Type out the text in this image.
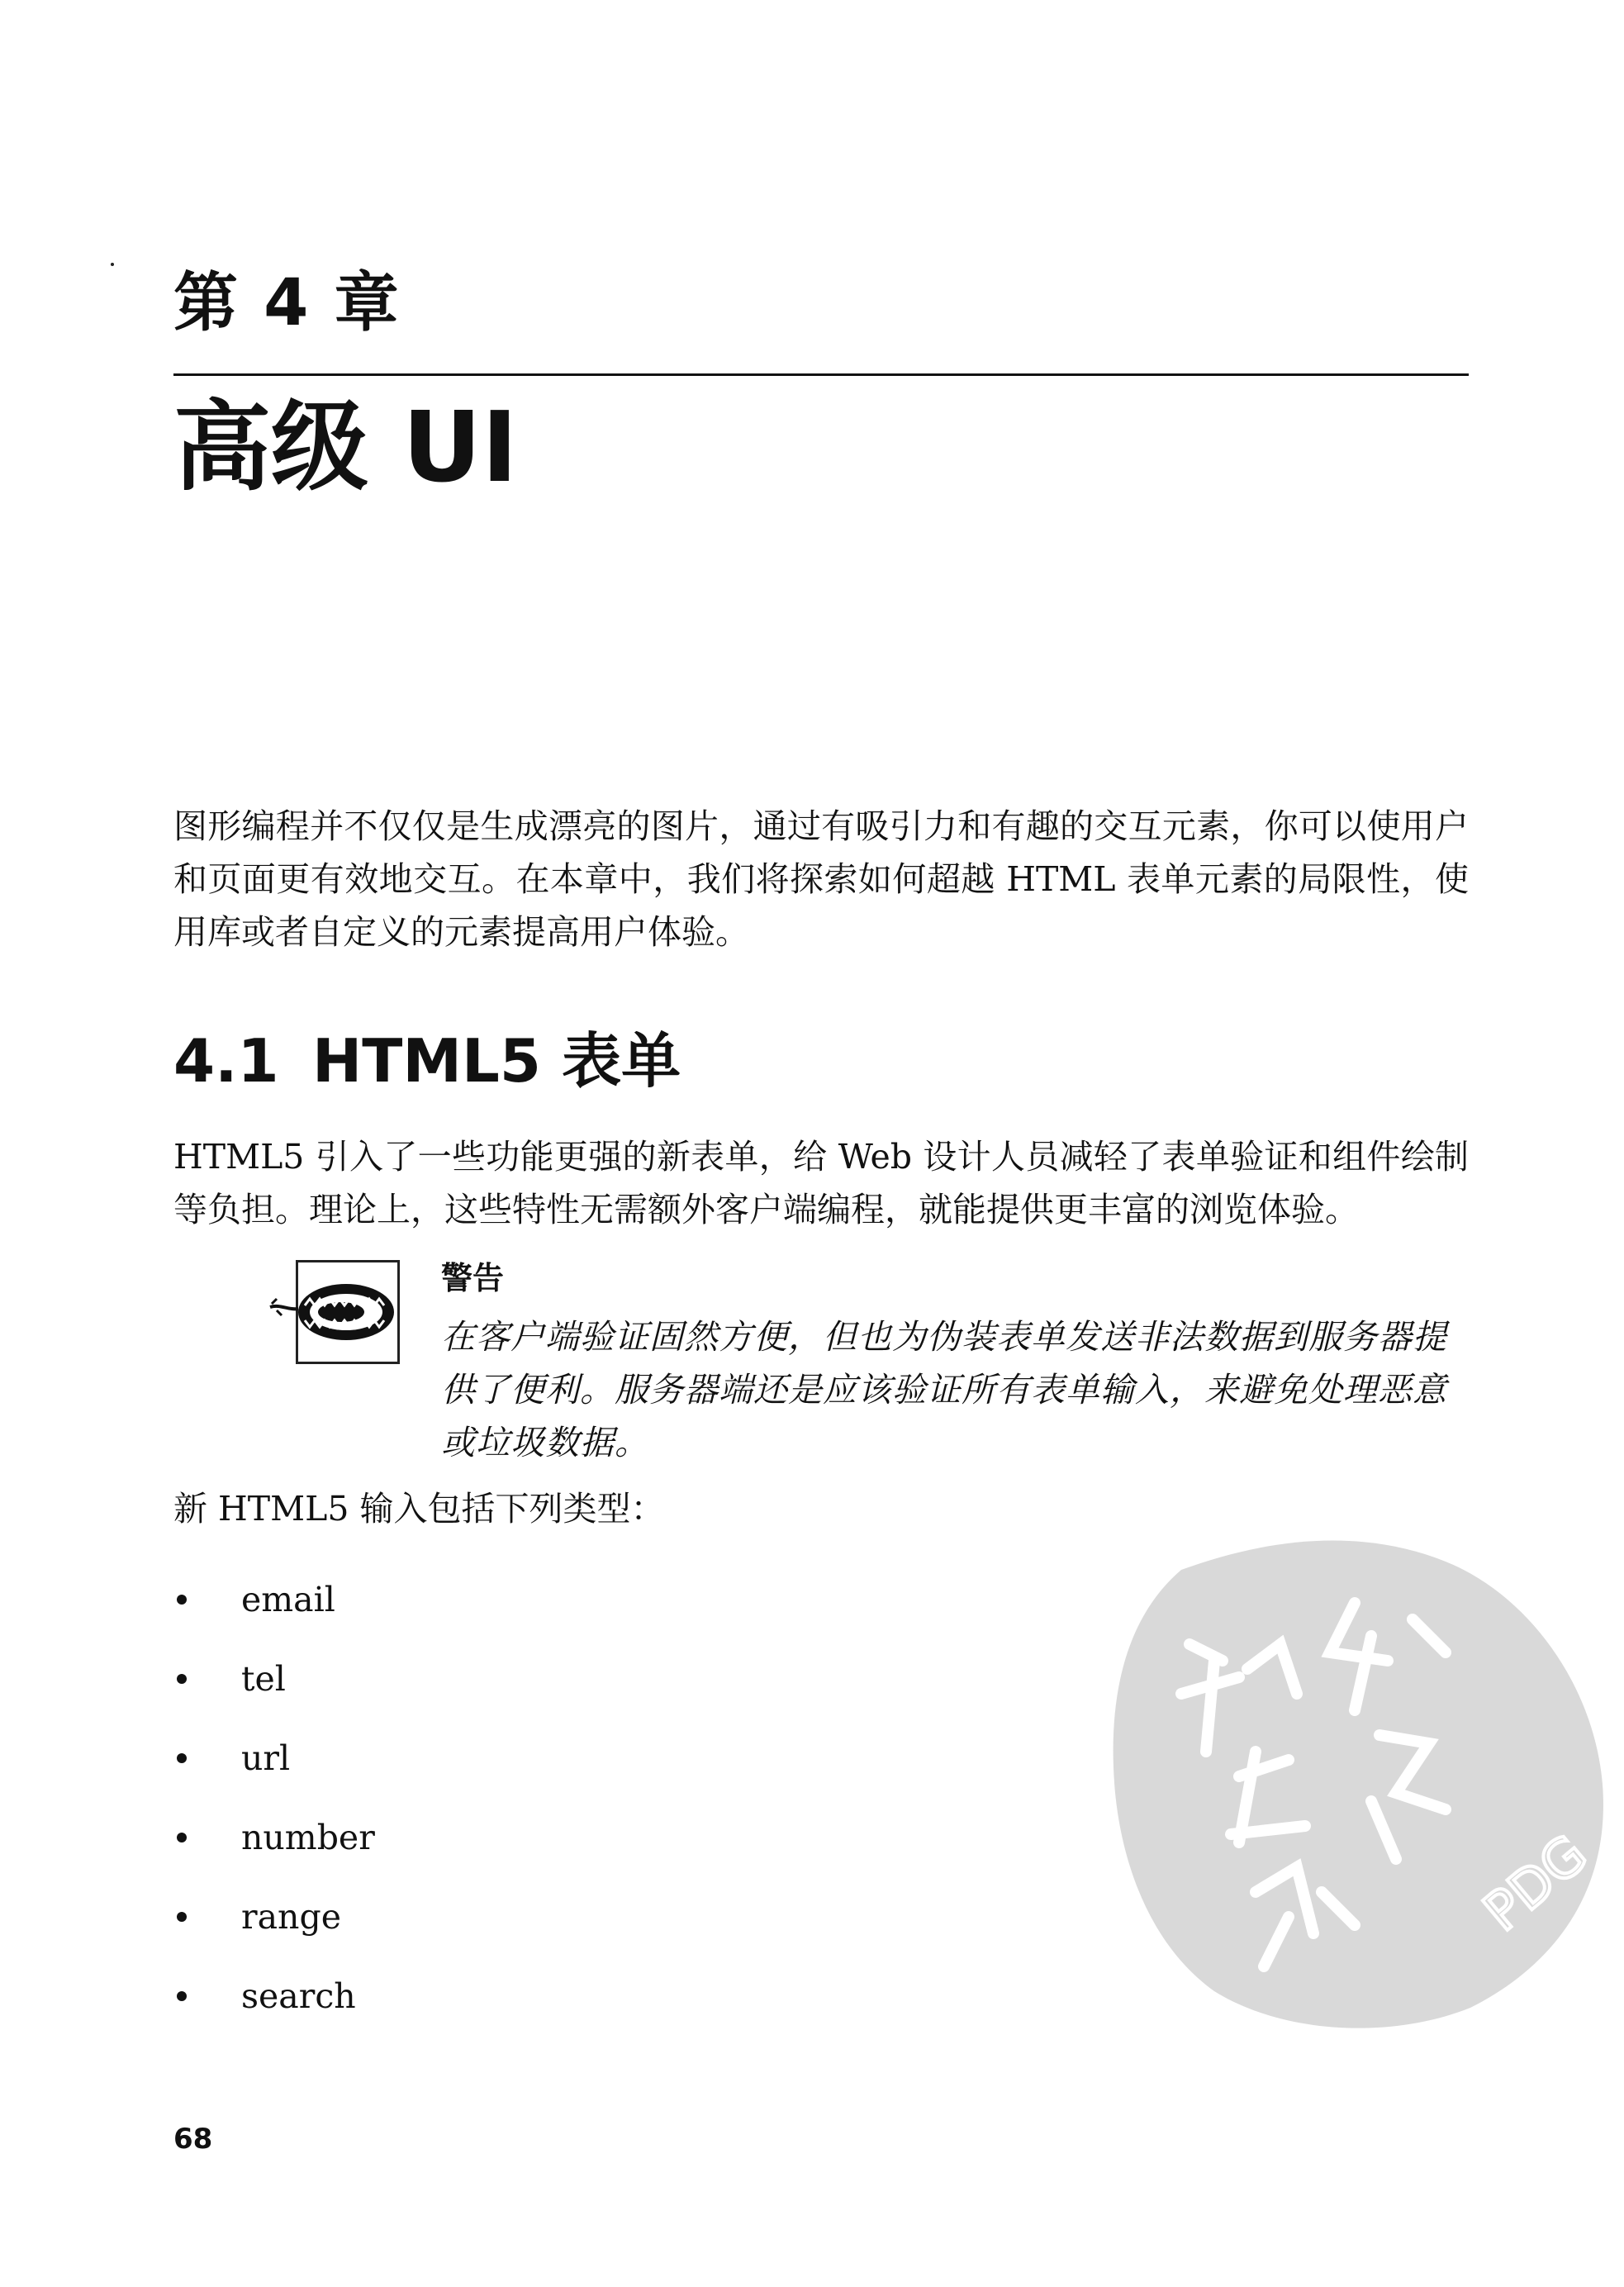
第 4 章
高级 UI

图形编程并不仅仅是生成漂亮的图片，通过有吸引力和有趣的交互元素，你可以使用户和页面更有效地交互。在本章中，我们将探索如何超越 HTML 表单元素的局限性，使用库或者自定义的元素提高用户体验。

4.1 HTML5 表单

HTML5 引入了一些功能更强的新表单，给 Web 设计人员减轻了表单验证和组件绘制等负担。理论上，这些特性无需额外客户端编程，就能提供更丰富的浏览体验。

警告

在客户端验证固然方便，但也为伪装表单发送非法数据到服务器提供了便利。服务器端还是应该验证所有表单输入，来避免处理恶意或垃圾数据。

新 HTML5 输入包括下列类型：

email
tel
url
number
range
search

68

PDG
